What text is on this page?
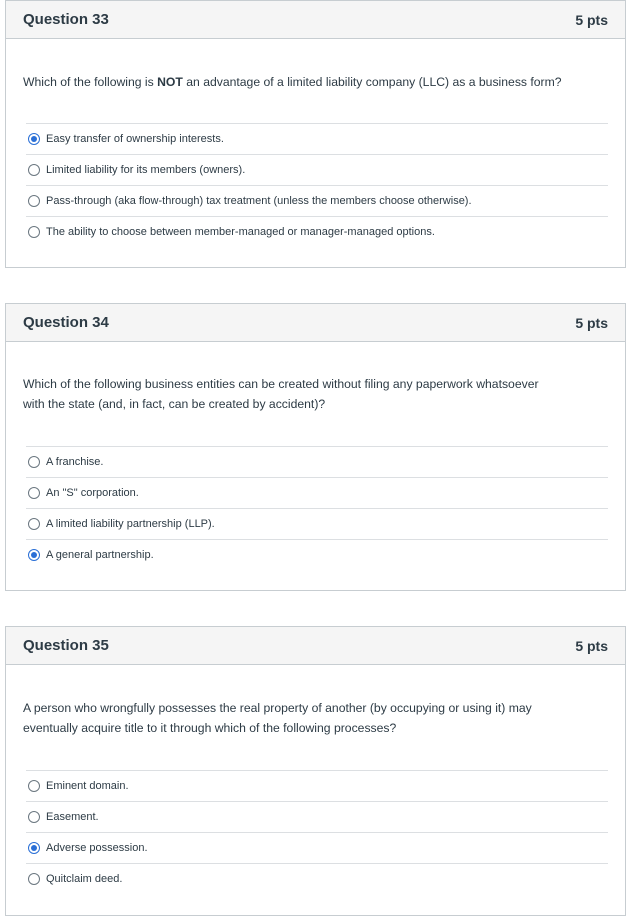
Question 33	5 pts

Which of the following is NOT an advantage of a limited liability company (LLC) as a business form?

Easy transfer of ownership interests.
Limited liability for its members (owners).
Pass-through (aka flow-through) tax treatment (unless the members choose otherwise).
The ability to choose between member-managed or manager-managed options.
Question 34	5 pts

Which of the following business entities can be created without filing any paperwork whatsoever
with the state (and, in fact, can be created by accident)?

A franchise.
An "S" corporation.
A limited liability partnership (LLP).
A general partnership.
Question 35	5 pts

A person who wrongfully possesses the real property of another (by occupying or using it) may
eventually acquire title to it through which of the following processes?

Eminent domain.
Easement.
Adverse possession.
Quitclaim deed.
